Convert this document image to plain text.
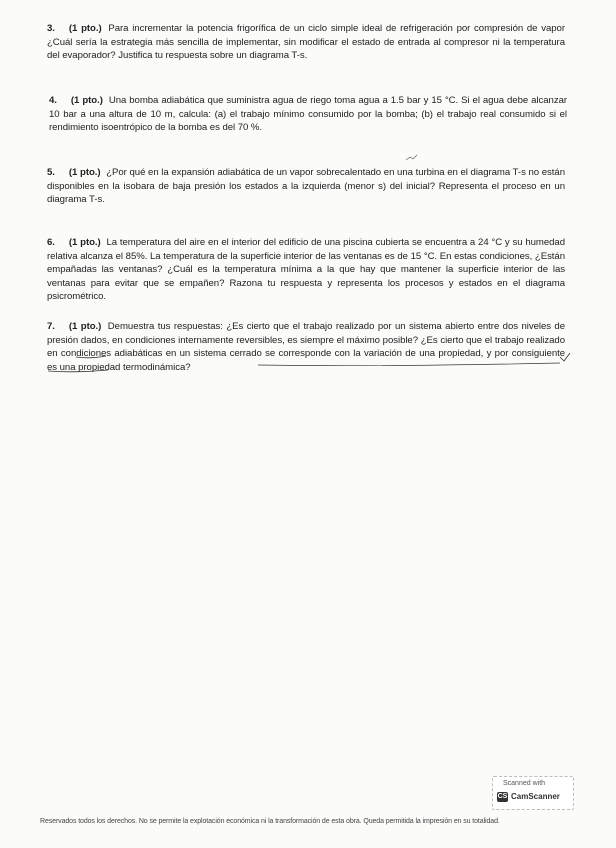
3. (1 pto.) Para incrementar la potencia frigorífica de un ciclo simple ideal de refrigeración por compresión de vapor ¿Cuál sería la estrategia más sencilla de implementar, sin modificar el estado de entrada al compresor ni la temperatura del evaporador? Justifica tu respuesta sobre un diagrama T-s.
4. (1 pto.) Una bomba adiabática que suministra agua de riego toma agua a 1.5 bar y 15 °C. Si el agua debe alcanzar 10 bar a una altura de 10 m, calcula: (a) el trabajo mínimo consumido por la bomba; (b) el trabajo real consumido si el rendimiento isoentrópico de la bomba es del 70 %.
5. (1 pto.) ¿Por qué en la expansión adiabática de un vapor sobrecalentado en una turbina en el diagrama T-s no están disponibles en la isobara de baja presión los estados a la izquierda (menor s) del inicial? Representa el proceso en un diagrama T-s.
6. (1 pto.) La temperatura del aire en el interior del edificio de una piscina cubierta se encuentra a 24 °C y su humedad relativa alcanza el 85%. La temperatura de la superficie interior de las ventanas es de 15 °C. En estas condiciones, ¿Están empañadas las ventanas? ¿Cuál es la temperatura mínima a la que hay que mantener la superficie interior de las ventanas para evitar que se empañen? Razona tu respuesta y representa los procesos y estados en el diagrama psicrométrico.
7. (1 pto.) Demuestra tus respuestas: ¿Es cierto que el trabajo realizado por un sistema abierto entre dos niveles de presión dados, en condiciones internamente reversibles, es siempre el máximo posible? ¿Es cierto que el trabajo realizado en condiciones adiabáticas en un sistema cerrado se corresponde con la variación de una propiedad, y por consiguiente es una propiedad termodinámica?
Scanned with
CS CamScanner
Reservados todos los derechos. No se permite la explotación económica ni la transformación de esta obra. Queda permitida la impresión en su totalidad.
